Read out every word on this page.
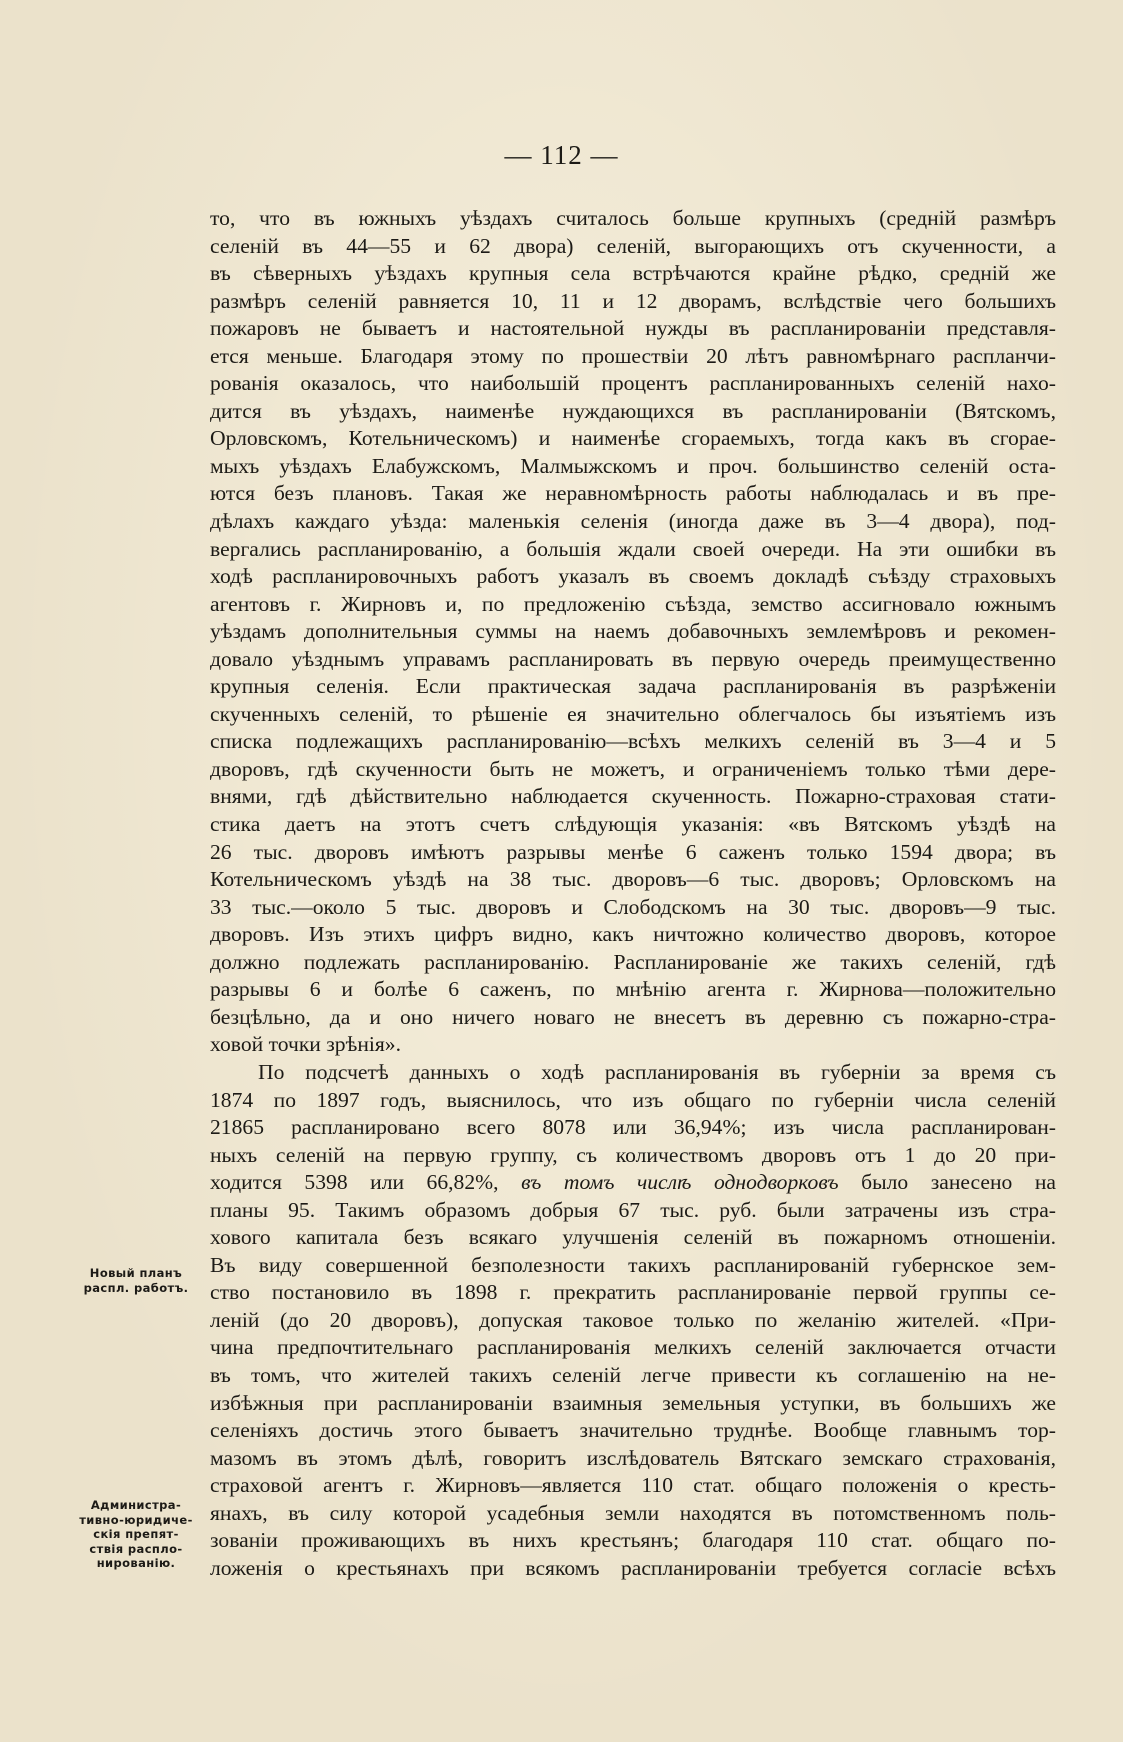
— 112 —
то, что въ южныхъ уѣздахъ считалось больше крупныхъ (средній размѣръ
селеній въ 44—55 и 62 двора) селеній, выгорающихъ отъ скученности, а
въ сѣверныхъ уѣздахъ крупныя села встрѣчаются крайне рѣдко, средній же
размѣръ селеній равняется 10, 11 и 12 дворамъ, вслѣдствіе чего большихъ
пожаровъ не бываетъ и настоятельной нужды въ распланированіи представля-
ется меньше. Благодаря этому по прошествіи 20 лѣтъ равномѣрнаго распланчи-
рованія оказалось, что наибольшій процентъ распланированныхъ селеній нахо-
дится въ уѣздахъ, наименѣе нуждающихся въ распланированіи (Вятскомъ,
Орловскомъ, Котельническомъ) и наименѣе сгораемыхъ, тогда какъ въ сгорае-
мыхъ уѣздахъ Елабужскомъ, Малмыжскомъ и проч. большинство селеній оста-
ются безъ плановъ. Такая же неравномѣрность работы наблюдалась и въ пре-
дѣлахъ каждаго уѣзда: маленькія селенія (иногда даже въ 3—4 двора), под-
вергались распланированію, а большія ждали своей очереди. На эти ошибки въ
ходѣ распланировочныхъ работъ указалъ въ своемъ докладѣ съѣзду страховыхъ
агентовъ г. Жирновъ и, по предложенію съѣзда, земство ассигновало южнымъ
уѣздамъ дополнительныя суммы на наемъ добавочныхъ землемѣровъ и рекомен-
довало уѣзднымъ управамъ распланировать въ первую очередь преимущественно
крупныя селенія. Если практическая задача распланированія въ разрѣженіи
скученныхъ селеній, то рѣшеніе ея значительно облегчалось бы изъятіемъ изъ
списка подлежащихъ распланированію—всѣхъ мелкихъ селеній въ 3—4 и 5
дворовъ, гдѣ скученности быть не можетъ, и ограниченіемъ только тѣми дере-
внями, гдѣ дѣйствительно наблюдается скученность. Пожарно-страховая стати-
стика даетъ на этотъ счетъ слѣдующія указанія: «въ Вятскомъ уѣздѣ на
26 тыс. дворовъ имѣютъ разрывы менѣе 6 саженъ только 1594 двора; въ
Котельническомъ уѣздѣ на 38 тыс. дворовъ—6 тыс. дворовъ; Орловскомъ на
33 тыс.—около 5 тыс. дворовъ и Слободскомъ на 30 тыс. дворовъ—9 тыс.
дворовъ. Изъ этихъ цифръ видно, какъ ничтожно количество дворовъ, которое
должно подлежать распланированію. Распланированіе же такихъ селеній, гдѣ
разрывы 6 и болѣе 6 саженъ, по мнѣнію агента г. Жирнова—положительно
безцѣльно, да и оно ничего новаго не внесетъ въ деревню съ пожарно-стра-
ховой точки зрѣнія».
По подсчетѣ данныхъ о ходѣ распланированія въ губерніи за время съ
1874 по 1897 годъ, выяснилось, что изъ общаго по губерніи числа селеній
21865 распланировано всего 8078 или 36,94%; изъ числа распланирован-
ныхъ селеній на первую группу, съ количествомъ дворовъ отъ 1 до 20 при-
ходится 5398 или 66,82%, въ томъ числѣ однодворковъ было занесено на
планы 95. Такимъ образомъ добрыя 67 тыс. руб. были затрачены изъ стра-
хового капитала безъ всякаго улучшенія селеній въ пожарномъ отношеніи.
Въ виду совершенной безполезности такихъ распланированій губернское зем-
ство постановило въ 1898 г. прекратить распланированіе первой группы се-
леній (до 20 дворовъ), допуская таковое только по желанію жителей. «При-
чина предпочтительнаго распланированія мелкихъ селеній заключается отчасти
въ томъ, что жителей такихъ селеній легче привести къ соглашенію на не-
избѣжныя при распланированіи взаимныя земельныя уступки, въ большихъ же
селеніяхъ достичь этого бываетъ значительно труднѣе. Вообще главнымъ тор-
мазомъ въ этомъ дѣлѣ, говоритъ изслѣдователь Вятскаго земскаго страхованія,
страховой агентъ г. Жирновъ—является 110 стат. общаго положенія о кресть-
янахъ, въ силу которой усадебныя земли находятся въ потомственномъ поль-
зованіи проживающихъ въ нихъ крестьянъ; благодаря 110 стат. общаго по-
ложенія о крестьянахъ при всякомъ распланированіи требуется согласіе всѣхъ
Новый планъ
распл. работъ.
Администра-
тивно-юридиче-
скія препят-
ствія распло-
нированію.
